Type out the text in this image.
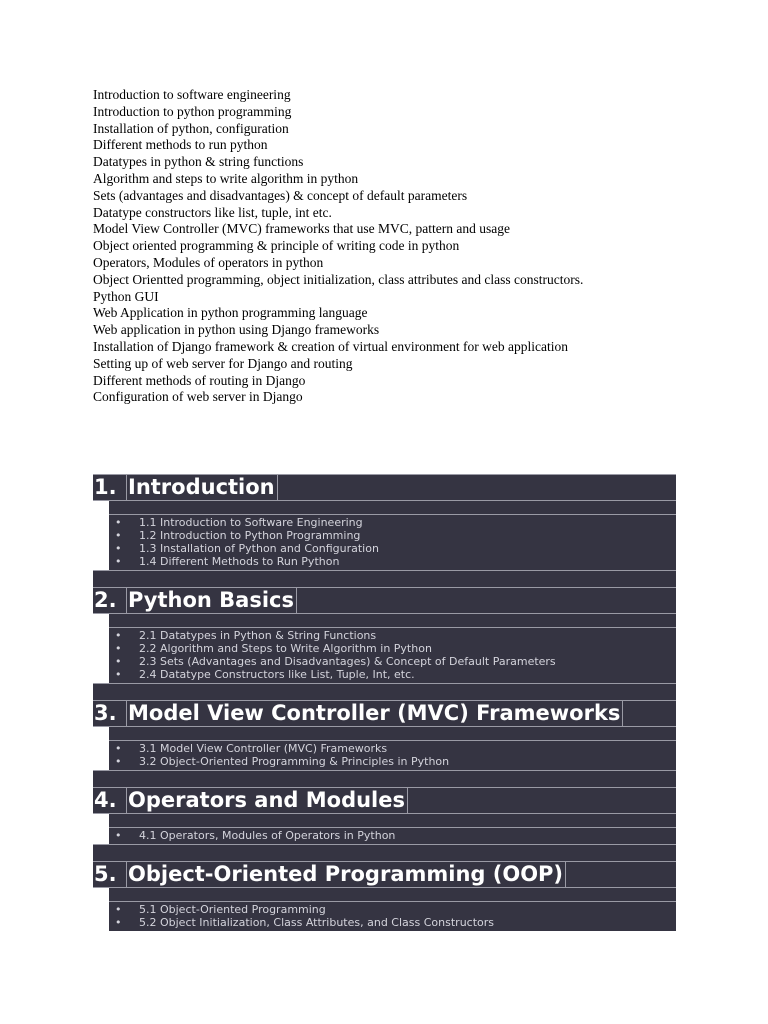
Introduction to software engineering
Introduction to python programming
Installation of python, configuration
Different methods to run python
Datatypes in python & string functions
Algorithm and steps to write algorithm in python
Sets (advantages and disadvantages) & concept of default parameters
Datatype constructors like list, tuple, int etc.
Model View Controller (MVC) frameworks that use MVC, pattern and usage
Object oriented programming & principle of writing code in python
Operators, Modules of operators in python
Object Orientted programming, object initialization, class attributes and class constructors.
Python GUI
Web Application in python programming language
Web application in python using Django frameworks
Installation of Django framework & creation of virtual environment for web application
Setting up of web server for Django and routing
Different methods of routing in Django
Configuration of web server in Django
1. Introduction
• 1.1 Introduction to Software Engineering
• 1.2 Introduction to Python Programming
• 1.3 Installation of Python and Configuration
• 1.4 Different Methods to Run Python
2. Python Basics
• 2.1 Datatypes in Python & String Functions
• 2.2 Algorithm and Steps to Write Algorithm in Python
• 2.3 Sets (Advantages and Disadvantages) & Concept of Default Parameters
• 2.4 Datatype Constructors like List, Tuple, Int, etc.
3. Model View Controller (MVC) Frameworks
• 3.1 Model View Controller (MVC) Frameworks
• 3.2 Object-Oriented Programming & Principles in Python
4. Operators and Modules
• 4.1 Operators, Modules of Operators in Python
5. Object-Oriented Programming (OOP)
• 5.1 Object-Oriented Programming
• 5.2 Object Initialization, Class Attributes, and Class Constructors
